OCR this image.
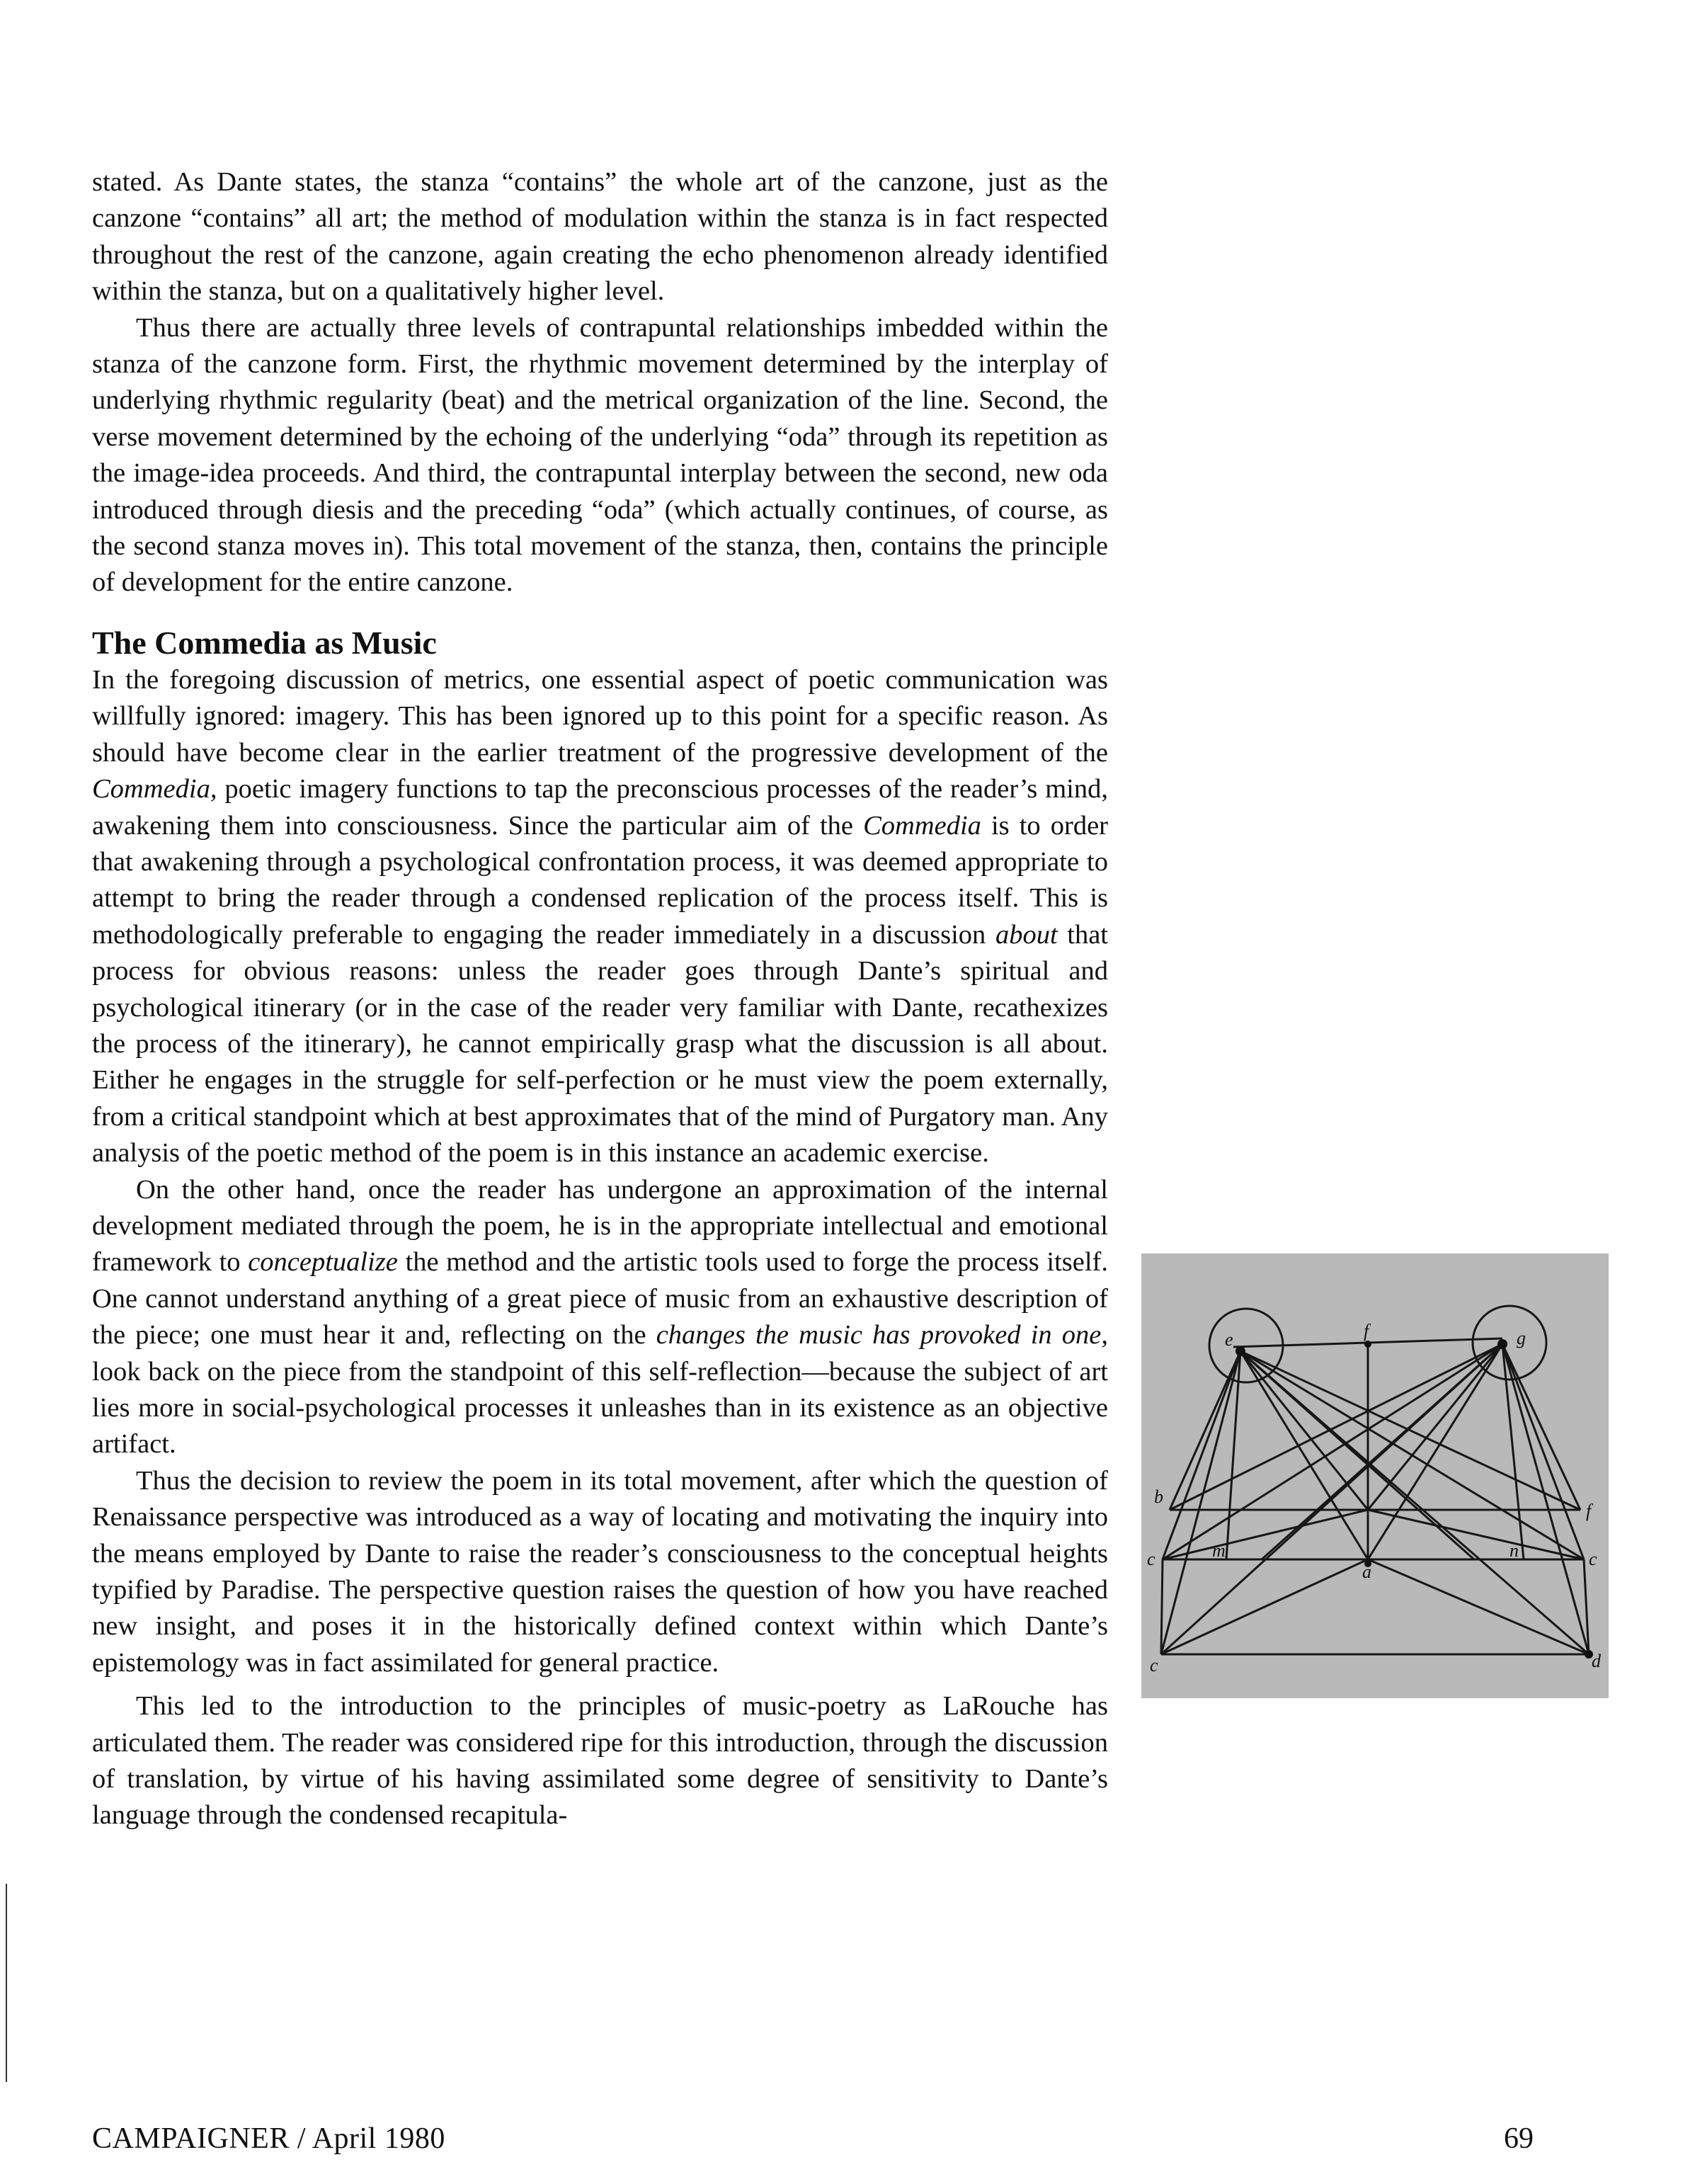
stated. As Dante states, the stanza “contains” the whole art of the canzone, just as the canzone “contains” all art; the method of modulation within the stanza is in fact respected throughout the rest of the canzone, again creating the echo phenomenon already identified within the stanza, but on a qualitatively higher level.

Thus there are actually three levels of contrapuntal relationships imbedded within the stanza of the canzone form. First, the rhythmic movement determined by the interplay of underlying rhythmic regularity (beat) and the metrical organization of the line. Second, the verse movement determined by the echoing of the underlying “oda” through its repetition as the image-idea proceeds. And third, the contrapuntal interplay between the second, new oda introduced through diesis and the preceding “oda” (which actually continues, of course, as the second stanza moves in). This total movement of the stanza, then, contains the principle of development for the entire canzone.

The Commedia as Music

In the foregoing discussion of metrics, one essential aspect of poetic communication was willfully ignored: imagery. This has been ignored up to this point for a specific reason. As should have become clear in the earlier treatment of the progressive development of the Commedia, poetic imagery functions to tap the preconscious processes of the reader’s mind, awakening them into consciousness. Since the particular aim of the Commedia is to order that awakening through a psychological confrontation process, it was deemed appropriate to attempt to bring the reader through a condensed replication of the process itself. This is methodologically preferable to engaging the reader immediately in a discussion about that process for obvious reasons: unless the reader goes through Dante’s spiritual and psychological itinerary (or in the case of the reader very familiar with Dante, recathexizes the process of the itinerary), he cannot empirically grasp what the discussion is all about. Either he engages in the struggle for self-perfection or he must view the poem externally, from a critical standpoint which at best approximates that of the mind of Purgatory man. Any analysis of the poetic method of the poem is in this instance an academic exercise.

On the other hand, once the reader has undergone an approximation of the internal development mediated through the poem, he is in the appropriate intellectual and emotional framework to conceptualize the method and the artistic tools used to forge the process itself. One cannot understand anything of a great piece of music from an exhaustive description of the piece; one must hear it and, reflecting on the changes the music has provoked in one, look back on the piece from the standpoint of this self-reflection—because the subject of art lies more in social-psychological processes it unleashes than in its existence as an objective artifact.

Thus the decision to review the poem in its total movement, after which the question of Renaissance perspective was introduced as a way of locating and motivating the inquiry into the means employed by Dante to raise the reader’s consciousness to the conceptual heights typified by Paradise. The perspective question raises the question of how you have reached new insight, and poses it in the historically defined context within which Dante’s epistemology was in fact assimilated for general practice.

This led to the introduction to the principles of music-poetry as LaRouche has articulated them. The reader was considered ripe for this introduction, through the discussion of translation, by virtue of his having assimilated some degree of sensitivity to Dante’s language through the condensed recapitula-

e	g
f
b
f
c	c
m
a
n
c	d
CAMPAIGNER / April 1980	69
